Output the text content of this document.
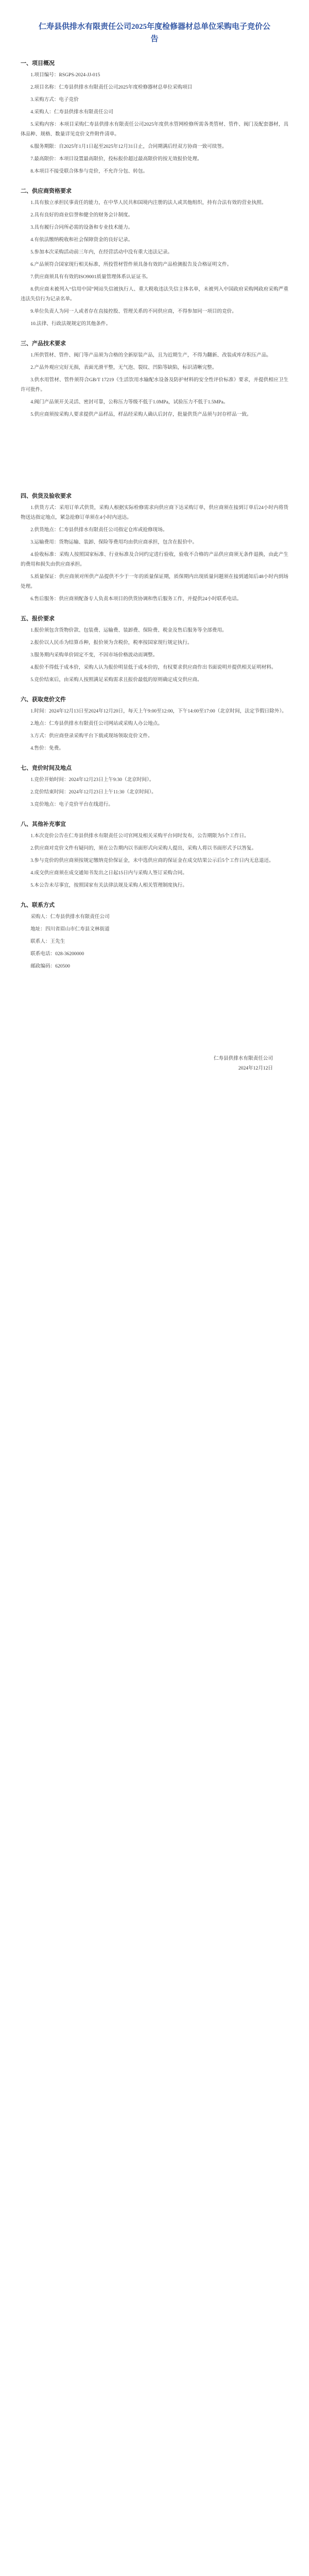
仁寿县供排水有限责任公司2025年度检修器材总单位采购电子竞价公告
一、项目概况

1.项目编号：RSGPS-2024-JJ-015

2.项目名称：仁寿县供排水有限责任公司2025年度检修器材总单位采购项目

3.采购方式：电子竞价

4.采购人：仁寿县供排水有限责任公司

5.采购内容：本项目采购仁寿县供排水有限责任公司2025年度供水管网检修所需各类管材、管件、阀门及配套器材，具体品种、规格、数量详见竞价文件附件清单。

6.服务期限：自2025年1月1日起至2025年12月31日止，合同期满后经双方协商一致可续签。

7.最高限价：本项目设置最高限价，投标报价超过最高限价的按无效报价处理。

8.本项目不接受联合体参与竞价，不允许分包、转包。

二、供应商资格要求

1.具有独立承担民事责任的能力，在中华人民共和国境内注册的法人或其他组织，持有合法有效的营业执照。

2.具有良好的商业信誉和健全的财务会计制度。

3.具有履行合同所必需的设备和专业技术能力。

4.有依法缴纳税收和社会保障资金的良好记录。

5.参加本次采购活动前三年内，在经营活动中没有重大违法记录。

6.产品须符合国家现行相关标准，所投管材管件须具备有效的产品检测报告及合格证明文件。

7.供应商须具有有效的ISO9001质量管理体系认证证书。

8.供应商未被列入“信用中国”网站失信被执行人、重大税收违法失信主体名单，未被列入中国政府采购网政府采购严重违法失信行为记录名单。

9.单位负责人为同一人或者存在直接控股、管理关系的不同供应商，不得参加同一项目的竞价。

10.法律、行政法规规定的其他条件。

三、产品技术要求

1.所供管材、管件、阀门等产品须为合格的全新原装产品，且为近期生产，不得为翻新、改装或库存积压产品。

2.产品外观应完好无损，表面光滑平整，无气泡、裂纹、凹陷等缺陷，标识清晰完整。

3.供水用管材、管件须符合GB/T 17219《生活饮用水输配水设备及防护材料的安全性评价标准》要求，并提供相应卫生许可批件。

4.阀门产品须开关灵活、密封可靠，公称压力等级不低于1.0MPa，试验压力不低于1.5MPa。

5.供应商须按采购人要求提供产品样品，样品经采购人确认后封存，批量供货产品须与封存样品一致。

四、供货及验收要求

1.供货方式：采用订单式供货，采购人根据实际检修需求向供应商下达采购订单，供应商须在接到订单后24小时内将货物送达指定地点，紧急抢修订单须在4小时内送达。

2.供货地点：仁寿县供排水有限责任公司指定仓库或抢修现场。

3.运输费用：货物运输、装卸、保险等费用均由供应商承担，包含在报价中。

4.验收标准：采购人按照国家标准、行业标准及合同约定进行验收，验收不合格的产品供应商须无条件退换，由此产生的费用和损失由供应商承担。

5.质量保证：供应商须对所供产品提供不少于一年的质量保证期，质保期内出现质量问题须在接到通知后48小时内到场处理。

6.售后服务：供应商须配备专人负责本项目的供货协调和售后服务工作，并提供24小时联系电话。

五、报价要求

1.报价须包含货物价款、包装费、运输费、装卸费、保险费、税金及售后服务等全部费用。

2.报价以人民币为结算币种，报价须为含税价，税率按国家现行规定执行。

3.服务期内采购单价固定不变，不因市场价格波动而调整。

4.报价不得低于成本价，采购人认为报价明显低于成本价的，有权要求供应商作出书面说明并提供相关证明材料。

5.竞价结束后，由采购人按照满足采购需求且报价最低的原则确定成交供应商。

六、获取竞价文件

1.时间：2024年12月13日至2024年12月20日，每天上午9:00至12:00，下午14:00至17:00（北京时间，法定节假日除外）。

2.地点：仁寿县供排水有限责任公司网站或采购人办公地点。

3.方式：供应商登录采购平台下载或现场领取竞价文件。

4.售价：免费。

七、竞价时间及地点

1.竞价开始时间：2024年12月23日上午9:30（北京时间）。

2.竞价结束时间：2024年12月23日上午11:30（北京时间）。

3.竞价地点：电子竞价平台在线进行。

八、其他补充事宜

1.本次竞价公告在仁寿县供排水有限责任公司官网及相关采购平台同时发布，公告期限为5个工作日。

2.供应商对竞价文件有疑问的，须在公告期内以书面形式向采购人提出，采购人将以书面形式予以答复。

3.参与竞价的供应商须按规定缴纳竞价保证金，未中选供应商的保证金在成交结果公示后5个工作日内无息退还。

4.成交供应商须在成交通知书发出之日起15日内与采购人签订采购合同。

5.本公告未尽事宜，按照国家有关法律法规及采购人相关管理制度执行。

九、联系方式

采购人：仁寿县供排水有限责任公司

地址：四川省眉山市仁寿县文林街道

联系人：王先生

联系电话：028-36200000

邮政编码：620500

仁寿县供排水有限责任公司
2024年12月12日
